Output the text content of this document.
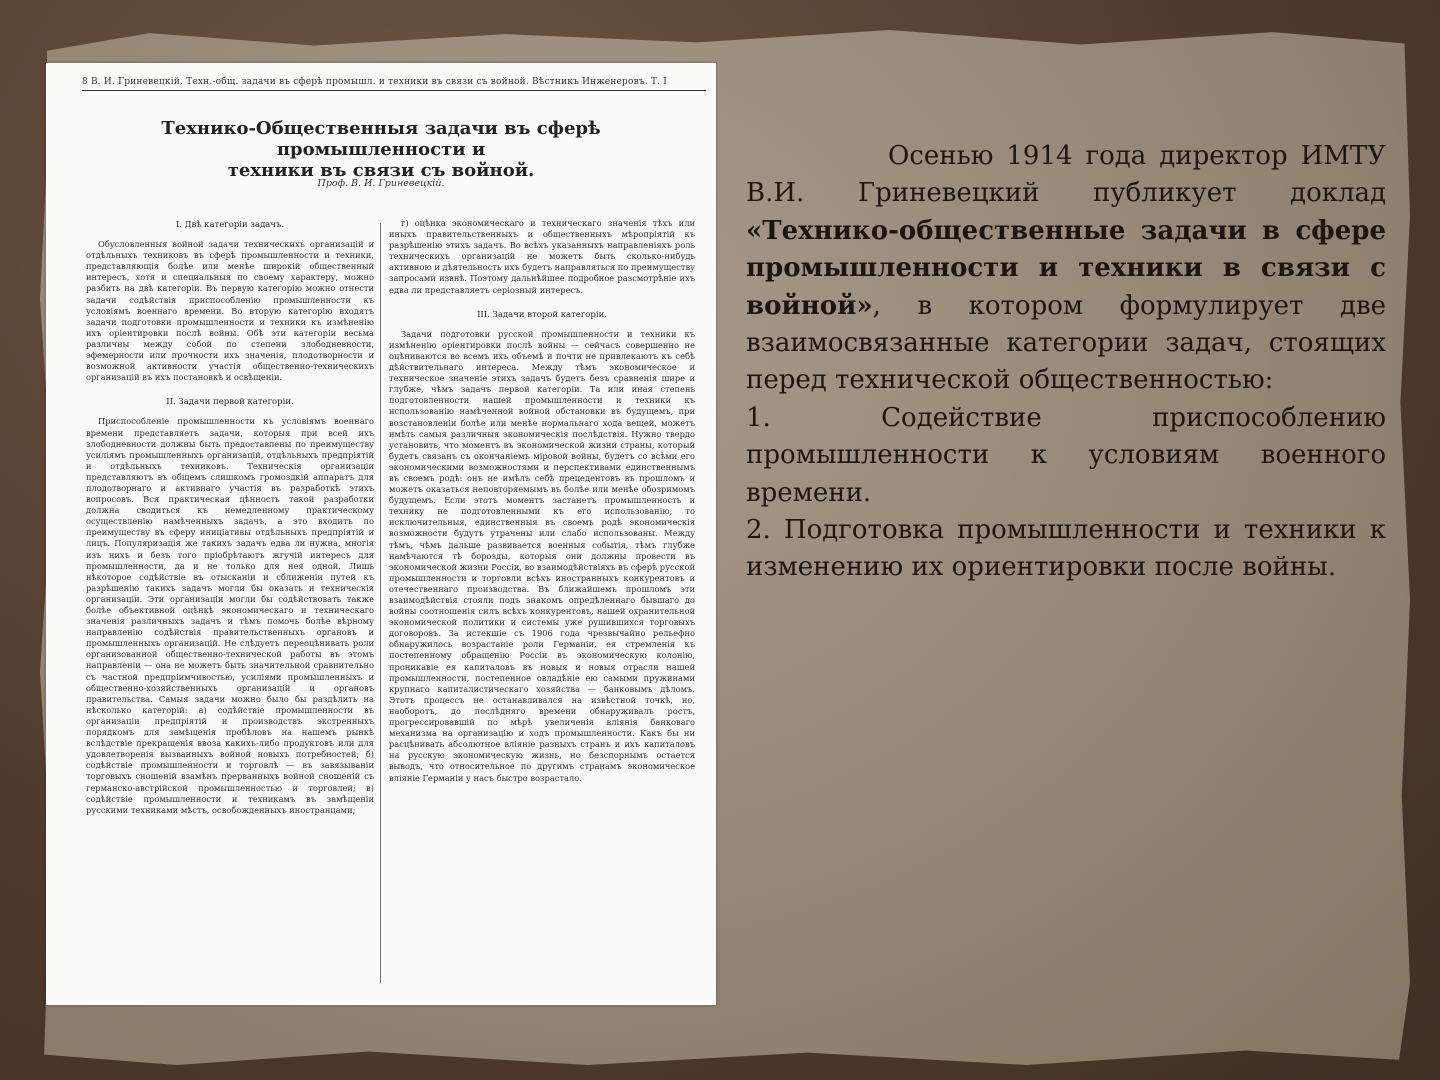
8 В. И. Гриневецкій. Техн.-общ. задачи въ сферѣ промышл. и техники въ связи съ войной. Вѣстникъ Инженеровъ. Т. I
Технико-Общественныя задачи въ сферѣ промышленности и
техники въ связи съ войной.
Проф. В. И. Гриневецкій.
I. Двѣ категоріи задачъ.

Обусловленныя войной задачи техническихъ организацій и отдѣльныхъ техниковъ въ сферѣ промышленности и техники, представляющія болѣе или менѣе широкій общественный интересъ, хотя и специальныя по своему характеру, можно разбить на двѣ категоріи. Въ первую категорію можно отнести задачи содѣйствія приспособленію промышленности къ условіямъ военнаго времени. Во вторую категорію входятъ задачи подготовки промышленности и техники къ измѣненію ихъ оріентировки послѣ войны. Обѣ эти категоріи весьма различны между собой по степени злободневности, эфемерности или прочности ихъ значенія, плодотворности и возможной активности участія общественно-техническихъ организацій въ ихъ постановкѣ и освѣщеніи.

II. Задачи первой категоріи.

Приспособленіе промышленности къ условіямъ военнаго времени представляетъ задачи, которыя при всей ихъ злободневности должны быть предоставлены по преимуществу усиліямъ промышленныхъ организацій, отдѣльныхъ предпріятій и отдѣльныхъ техниковъ. Техническія организаціи представляютъ въ общемъ слишкомъ громоздкій аппаратъ для плодотворнаго и активнаго участія въ разработкѣ этихъ вопросовъ. Вся практическая цѣнность такой разработки должна сводиться къ немедленному практическому осуществленію намѣченныхъ задачъ, а это входитъ по преимуществу въ сферу иниціативы отдѣльныхъ предпріятій и лицъ. Популяризація же такихъ задачъ едва ли нужна, многія изъ нихъ и безъ того пріобрѣтаютъ жгучій интересъ для промышленности, да и не только для нея одной. Лишь нѣкоторое содѣйствіе въ отысканіи и сближеніи путей къ разрѣшенію такихъ задачъ могли бы оказать и техническія организаціи. Эти организаціи могли бы содѣйствовать также болѣе объективной оцѣнкѣ экономическаго и техническаго значенія различныхъ задачъ и тѣмъ помочь болѣе вѣрному направленію содѣйствія правительственныхъ органовъ и промышленныхъ организацій. Не слѣдуетъ переоцѣнивать роли организованной общественно-технической работы въ этомъ направленіи — она не можетъ быть значительной сравнительно съ частной предпріимчивостью, усиліями промышленныхъ и общественно-хозяйственныхъ организацій и органовъ правительства. Самыя задачи можно было бы раздѣлить на нѣсколько категорій: а) содѣйствіе промышленности въ организаціи предпріятій и производствъ экстренныхъ порядкомъ для замѣщенія пробѣловъ на нашемъ рынкѣ вслѣдствіе прекращенія ввоза какихъ-либо продуктовъ или для удовлетворенія вызванныхъ войной новыхъ потребностей; б) содѣйствіе промышленности и торговлѣ — въ завязываніи торговыхъ сношеній взамѣнъ прерванныхъ войной сношеній съ германско-австрійской промышленностью и торговлей; в) содѣйствіе промышленности и техникамъ въ замѣщеніи русскими техниками мѣстъ, освобожденныхъ иностранцами;

г) оцѣнка экономическаго и техническаго значенія тѣхъ или иныхъ правительственныхъ и общественныхъ мѣропріятій къ разрѣшенію этихъ задачъ. Во всѣхъ указанныхъ направленіяхъ роль техническихъ организацій не можетъ быть сколько-нибудь активною и дѣятельность ихъ будетъ направляться по преимуществу запросами извнѣ. Поэтому дальнѣйшее подробное разсмотрѣніе ихъ едва ли представляетъ серіозный интересъ.

III. Задачи второй категоріи.

Задачи подготовки русской промышленности и техники къ измѣненію оріентировки послѣ войны — сейчасъ совершенно не оцѣниваются во всемъ ихъ объемѣ и почти не привлекаютъ къ себѣ дѣйствительнаго интереса. Между тѣмъ экономическое и техническое значеніе этихъ задачъ будетъ безъ сравненія шире и глубже, чѣмъ задачъ первой категоріи. Та или иная степень подготовленности нашей промышленности и техники къ использованію намѣченной войной обстановки въ будущемъ, при возстановленіи болѣе или менѣе нормальнаго хода вещей, можетъ имѣть самыя различныя экономическія послѣдствія. Нужно твердо установить, что моментъ въ экономической жизни страны, который будетъ связанъ съ окончаніемъ міровой войны, будетъ со всѣми его экономическими возможностями и перспективами единственнымъ въ своемъ родѣ: онъ не имѣлъ себѣ прецедентовъ въ прошломъ и можетъ оказаться неповторяемымъ въ болѣе или менѣе обозримомъ будущемъ. Если этотъ моментъ застанетъ промышленность и технику не подготовленными къ его использованію, то исключительныя, единственныя въ своемъ родѣ экономическія возможности будутъ утрачены или слабо использованы. Между тѣмъ, чѣмъ дальше развивается военныя событія, тѣмъ глубже намѣчаются тѣ борозды, которыя они должны провести въ экономической жизни Россіи, во взаимодѣйствіяхъ въ сферѣ русской промышленности и торговли всѣхъ иностранныхъ конкурентовъ и отечественнаго производства. Въ ближайшемъ прошломъ эти взаимодѣйствія стояли подъ знакомъ опредѣленнаго бывшаго до войны соотношенія силъ всѣхъ конкурентовъ, нашей охранительной экономической политики и системы уже рушившихся торговыхъ договоровъ. За истекшіе съ 1906 года чрезвычайно рельефно обнаружилось возрастаніе роли Германіи, ея стремленія къ постепенному обращенію Россіи въ экономическую колонію, проникавіе ея капиталовъ въ новыя и новыя отрасли нашей промышленности, постепенное овладѣніе ею самыми пружинами крупнаго капиталистическаго хозяйства — банковымъ дѣломъ. Этотъ процессъ не останавливался на извѣстной точкѣ, но, наоборотъ, до послѣдняго времени обнаруживалъ ростъ, прогрессировавшій по мѣрѣ увеличенія вліянія банковаго механизма на организацію и ходъ промышленности. Какъ бы ни расцѣнивать абсолютное вліяніе разныхъ странъ и ихъ капиталовъ на русскую экономическую жизнь, но безспорнымъ остается выводъ, что относительное по другимъ странамъ экономическое вліяніе Германіи у насъ быстро возрастало.

Осенью 1914 года директор ИМТУ В.И. Гриневецкий публикует доклад «Технико-общественные задачи в сфере промышленности и техники в связи с войной», в котором формулирует две взаимосвязанные категории задач, стоящих перед технической общественностью:

1. Содействие приспособлению промышленности к условиям военного времени.

2. Подготовка промышленности и техники к изменению их ориентировки после войны.
